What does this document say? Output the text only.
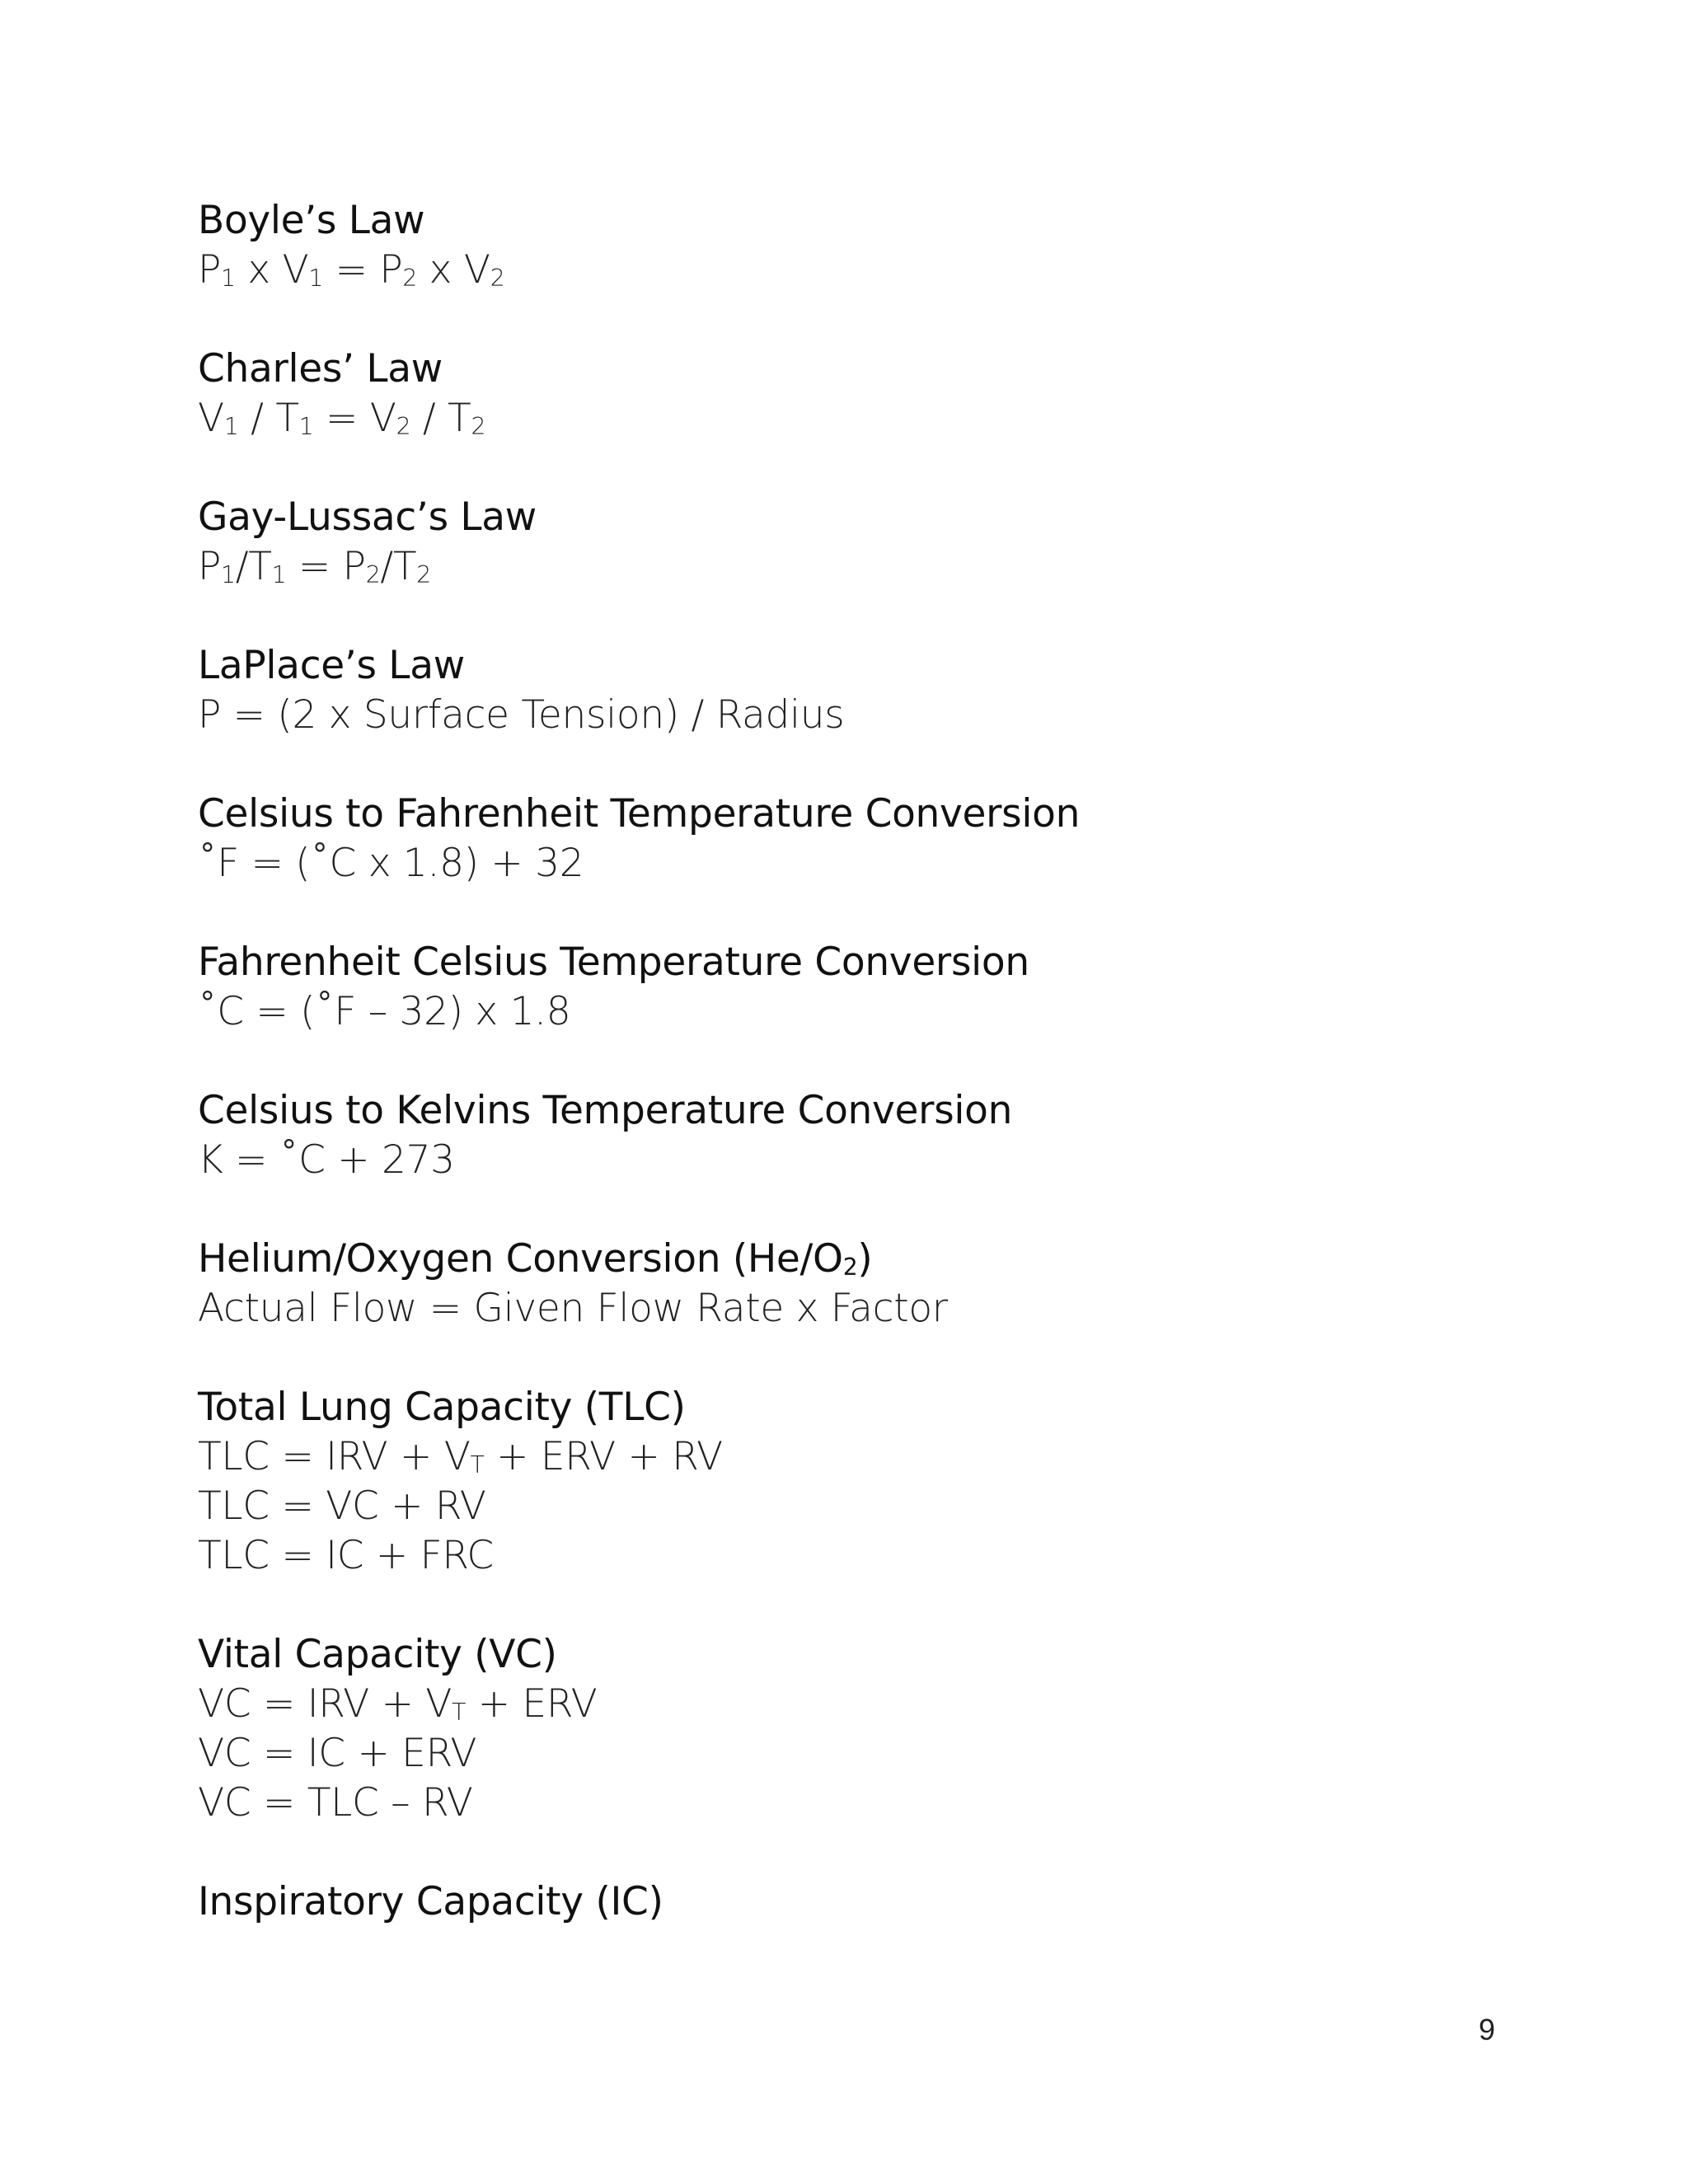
Boyle’s Law
$P_1$ x $V_1 = P_2$ x $V_2$
Charles’ Law
$V_1 / T_1 = V_2 / T_2$
Gay-Lussac’s Law
$P_1/T_1 = P_2/T_2$
LaPlace’s Law
P = (2 x Surface Tension) / Radius
Celsius to Fahrenheit Temperature Conversion
˚F = (˚C x 1.8) + 32
Fahrenheit Celsius Temperature Conversion
˚C = (˚F – 32) x 1.8
Celsius to Kelvins Temperature Conversion
K = ˚C + 273
Helium/Oxygen Conversion $(He/O_2)$
Actual Flow = Given Flow Rate x Factor
Total Lung Capacity (TLC)
TLC = IRV + $V_T$ + ERV + RV
TLC = VC + RV
TLC = IC + FRC
Vital Capacity (VC)
VC = IRV + $V_T$ + ERV
VC = IC + ERV
VC = TLC – RV
Inspiratory Capacity (IC)
9
